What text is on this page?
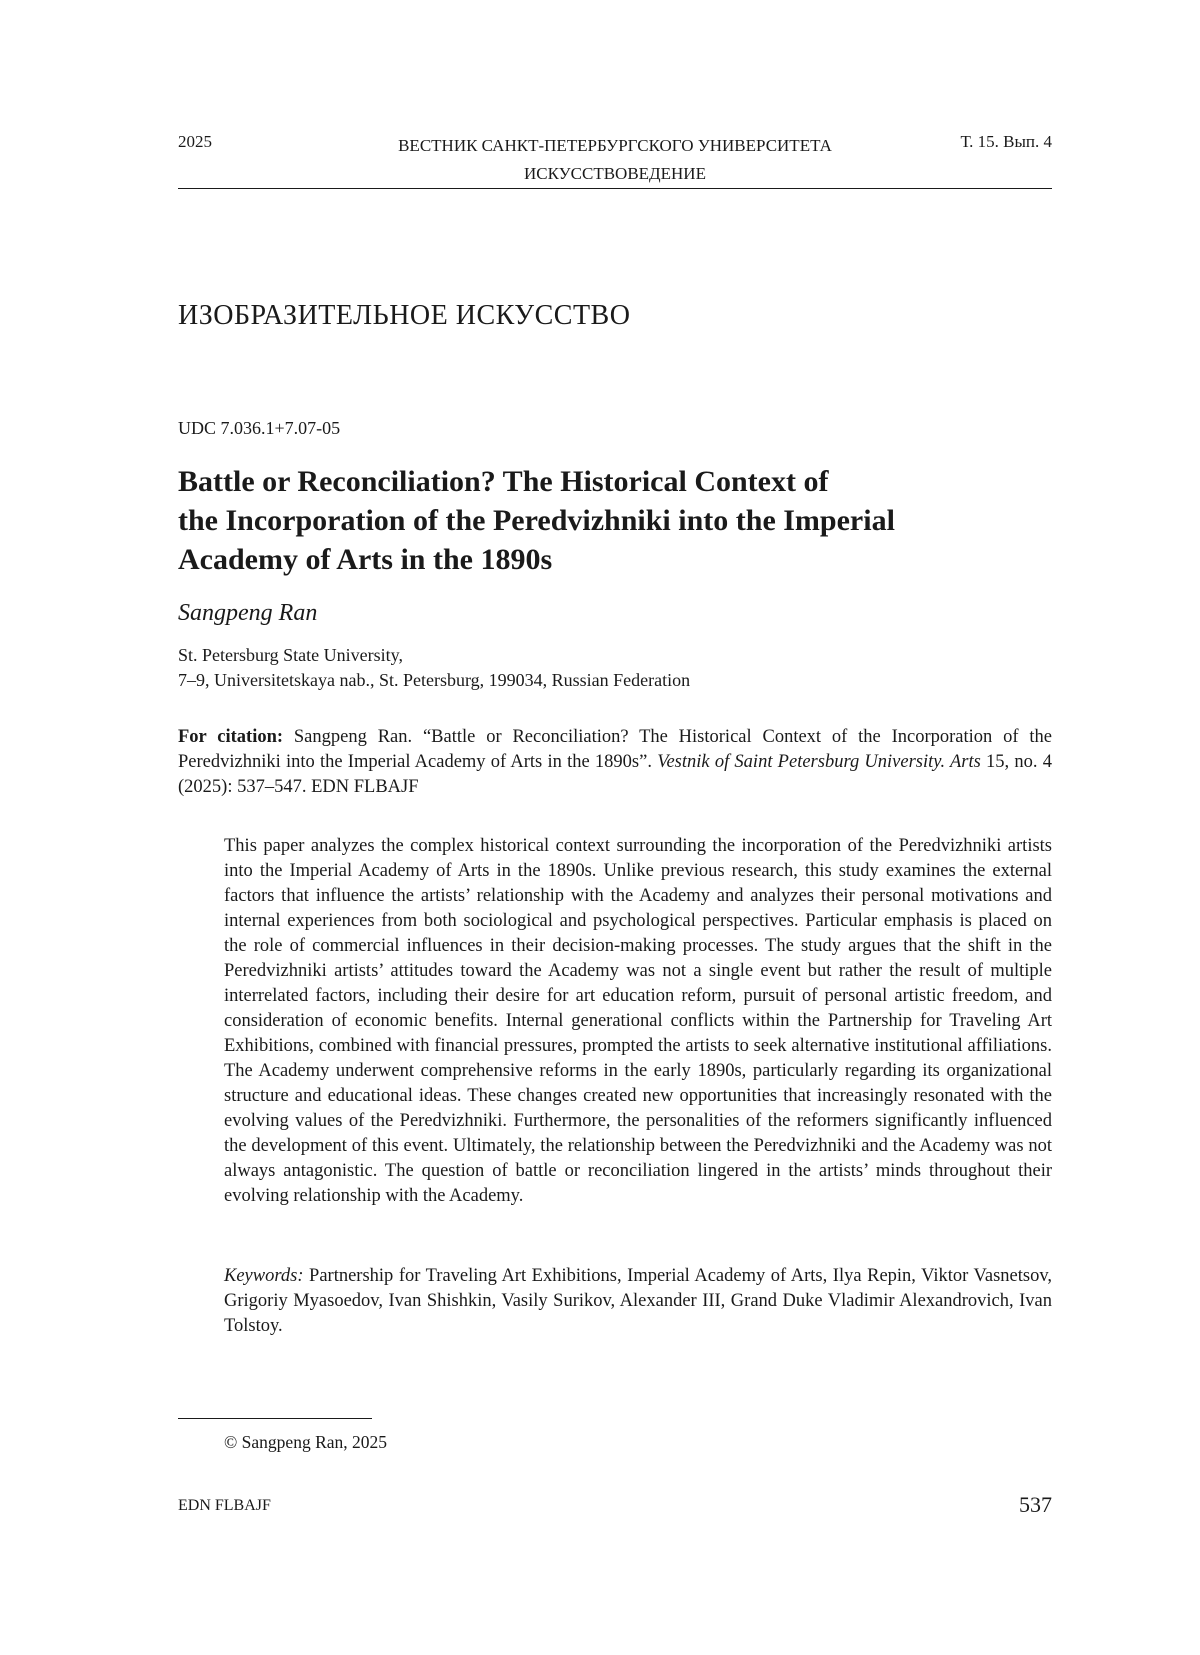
2025	ВЕСТНИК САНКТ-ПЕТЕРБУРГСКОГО УНИВЕРСИТЕТА
ИСКУССТВОВЕДЕНИЕ
Т. 15. Вып. 4
ИЗОБРАЗИТЕЛЬНОЕ ИСКУССТВО
UDC 7.036.1+7.07-05
Battle or Reconciliation? The Historical Context of
the Incorporation of the Peredvizhniki into the Imperial
Academy of Arts in the 1890s
Sangpeng Ran
St. Petersburg State University,
7–9, Universitetskaya nab., St. Petersburg, 199034, Russian Federation

For citation: Sangpeng Ran. “Battle or Reconciliation? The Historical Context of the Incorporation of the Peredvizhniki into the Imperial Academy of Arts in the 1890s”. Vestnik of Saint Petersburg University. Arts 15, no. 4 (2025): 537–547. EDN FLBAJF

This paper analyzes the complex historical context surrounding the incorporation of the Peredvizhniki artists into the Imperial Academy of Arts in the 1890s. Unlike previous research, this study examines the external factors that influence the artists’ relationship with the Academy and analyzes their personal motivations and internal experiences from both sociological and psychological perspectives. Particular emphasis is placed on the role of commercial influences in their decision-making processes. The study argues that the shift in the Peredvizhniki artists’ attitudes toward the Academy was not a single event but rather the result of multiple interrelated factors, including their desire for art education reform, pursuit of personal artistic freedom, and consideration of economic benefits. Internal generational conflicts within the Partnership for Traveling Art Exhibitions, combined with financial pressures, prompted the artists to seek alternative institutional affiliations. The Academy underwent comprehensive reforms in the early 1890s, particularly regarding its organizational structure and educational ideas. These changes created new opportunities that increasingly resonated with the evolving values of the Peredvizhniki. Furthermore, the personalities of the reformers significantly influenced the development of this event. Ultimately, the relationship between the Peredvizhniki and the Academy was not always antagonistic. The question of battle or reconciliation lingered in the artists’ minds throughout their evolving relationship with the Academy.

Keywords: Partnership for Traveling Art Exhibitions, Imperial Academy of Arts, Ilya Repin, Viktor Vasnetsov, Grigoriy Myasoedov, Ivan Shishkin, Vasily Surikov, Alexander III, Grand Duke Vladimir Alexandrovich, Ivan Tolstoy.

© Sangpeng Ran, 2025
EDN FLBAJF	537
